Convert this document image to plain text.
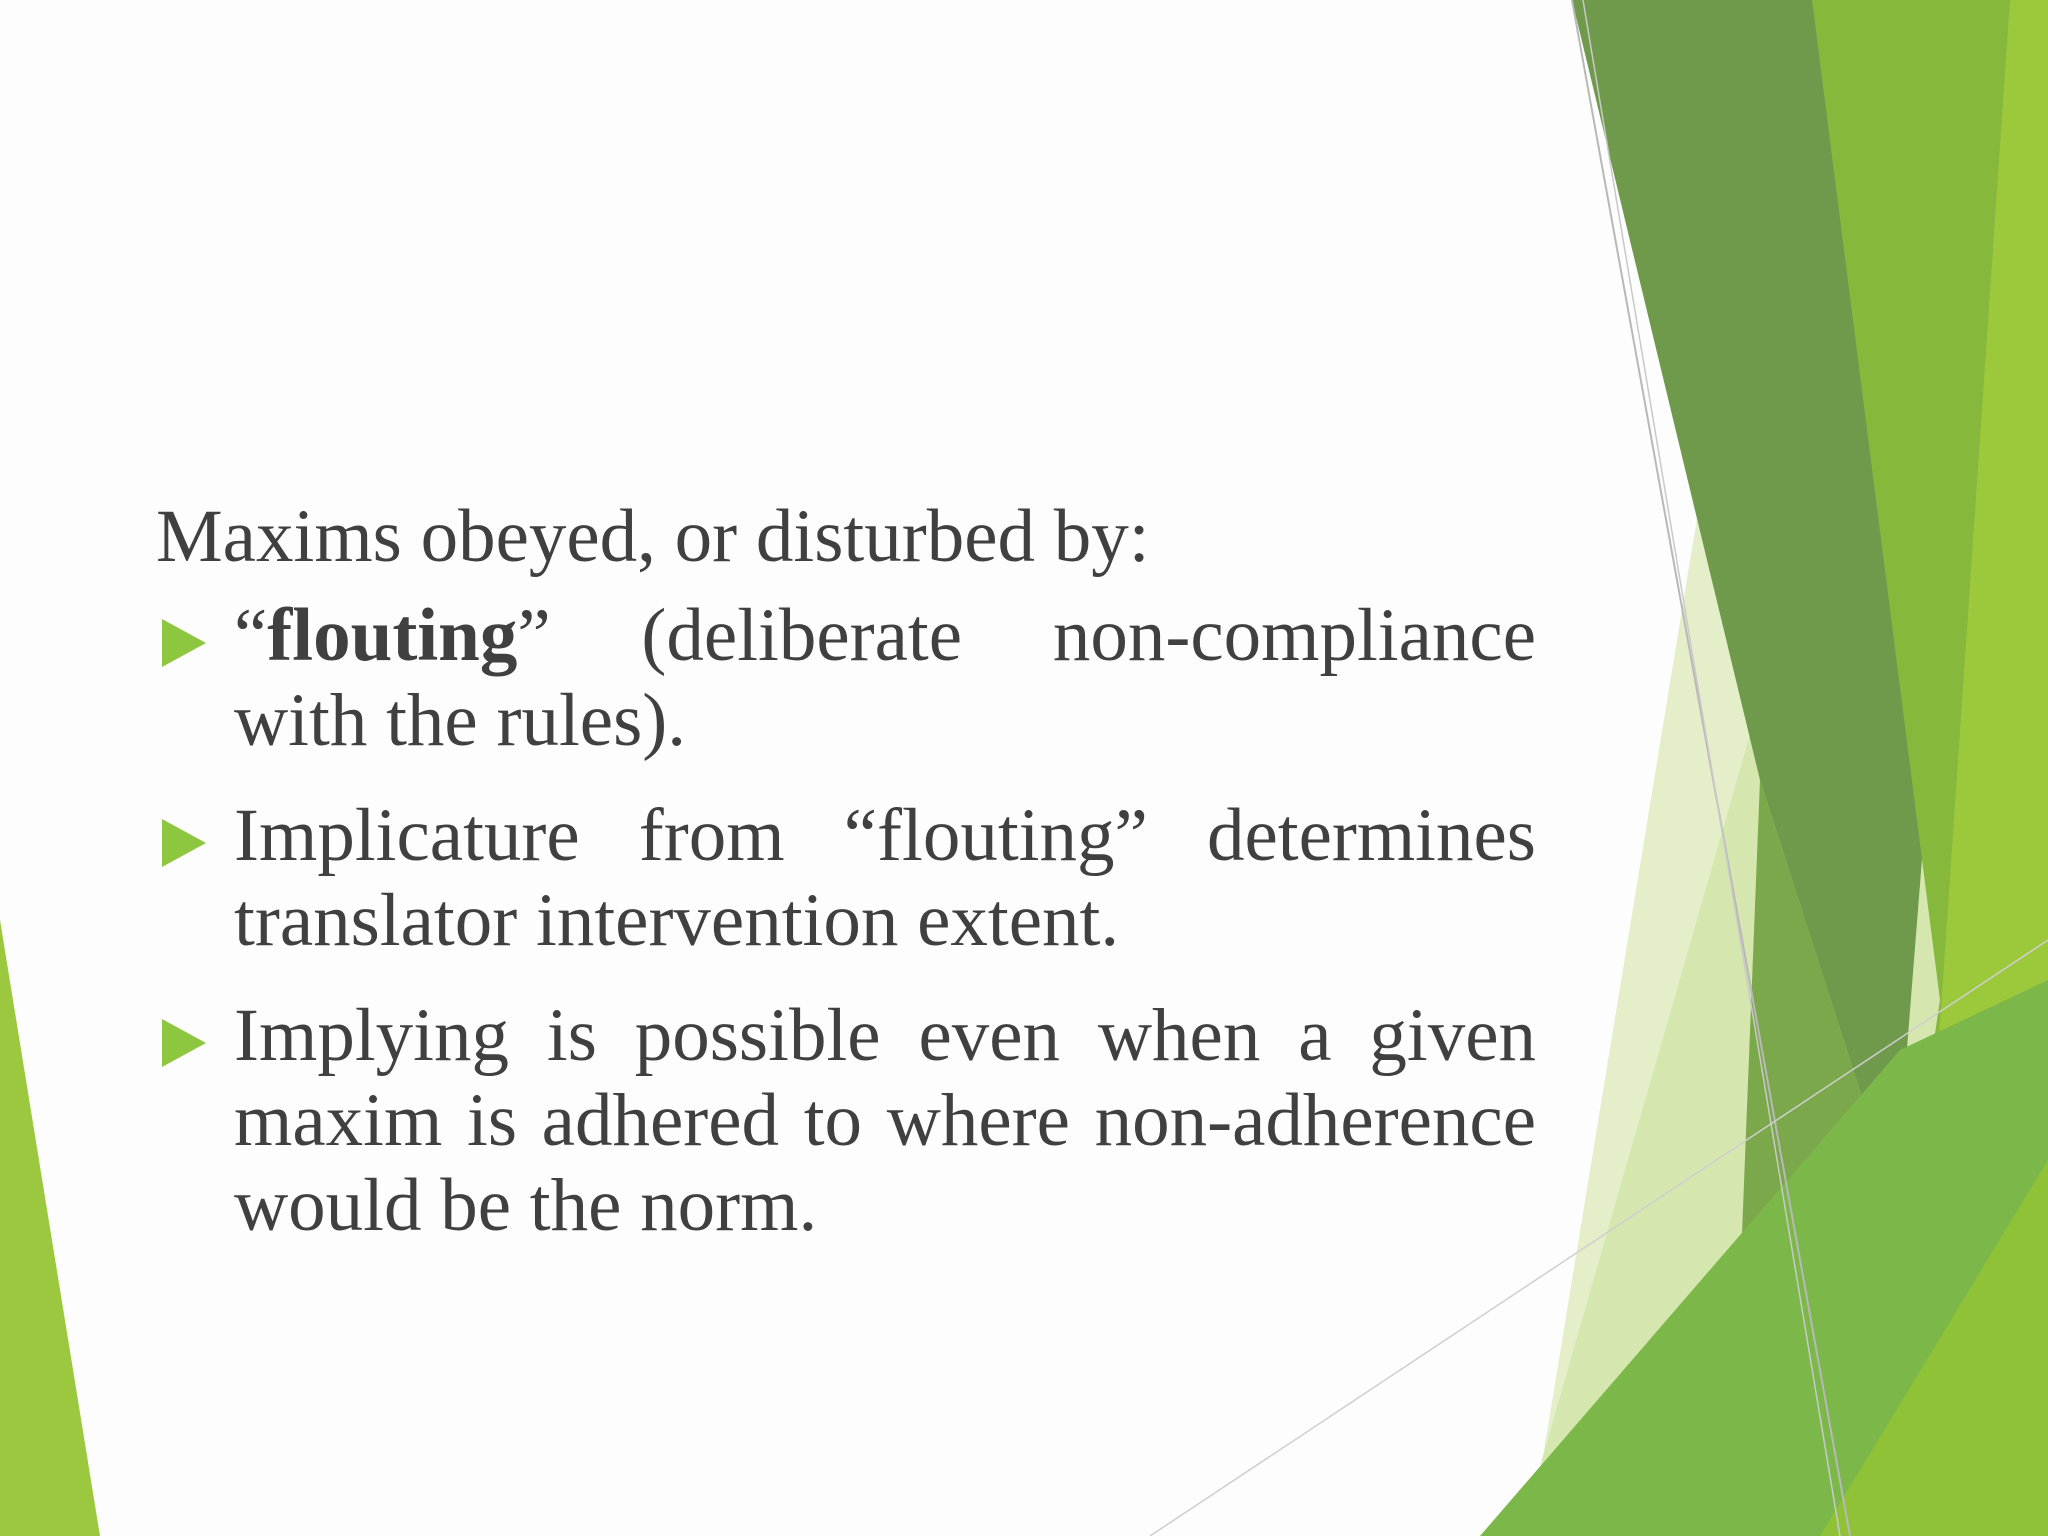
Maxims obeyed, or disturbed by:
“flouting” (deliberate non-compliance with the rules).
Implicature from “flouting” determines translator intervention extent.
Implying is possible even when a given maxim is adhered to where non-adherence would be the norm.
